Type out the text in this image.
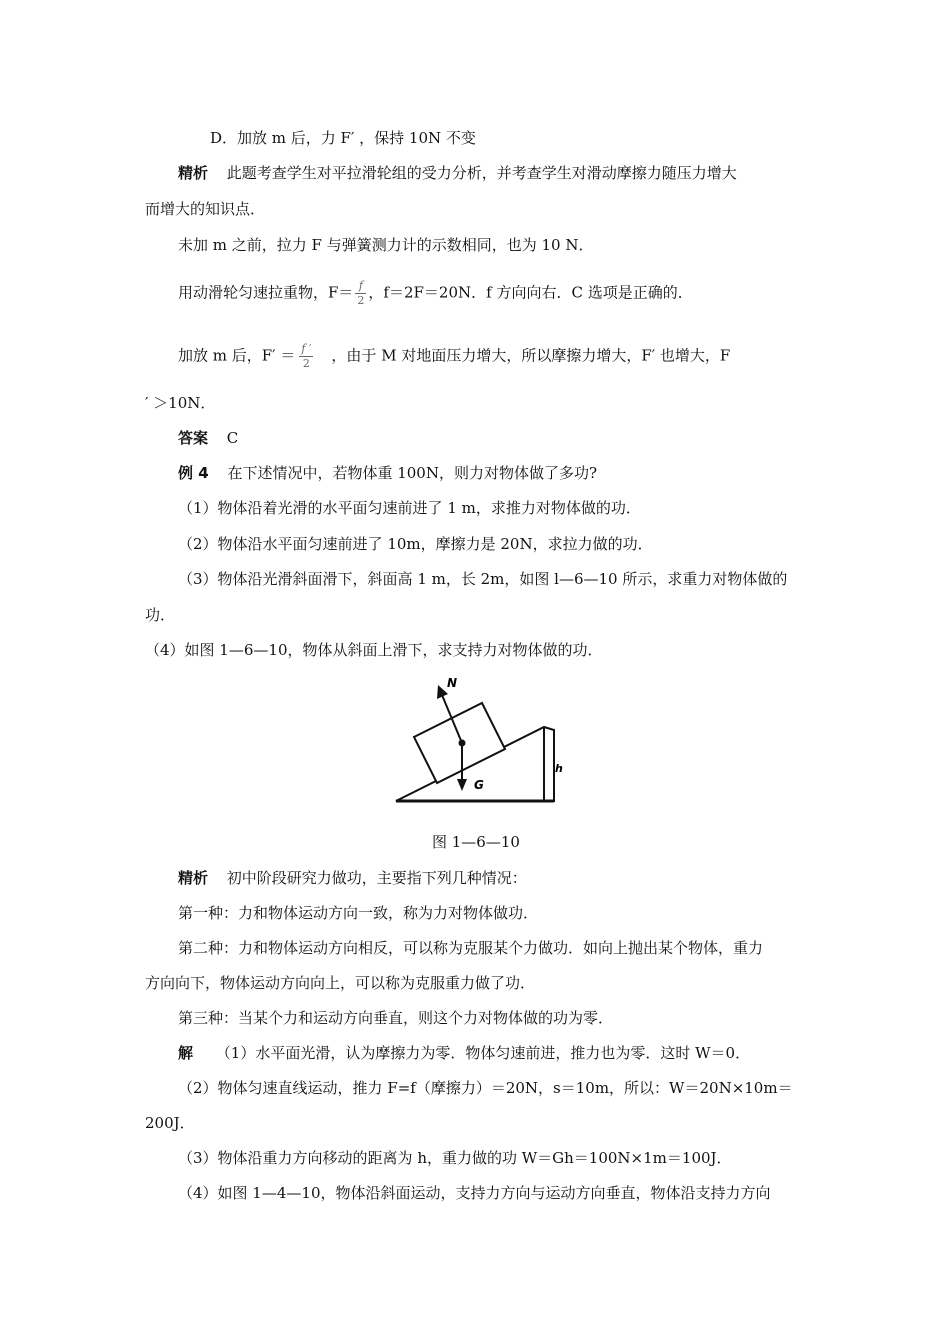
D．加放 m 后，力 F′ ，保持 10N 不变
精析 此题考查学生对平拉滑轮组的受力分析，并考查学生对滑动摩擦力随压力增大
而增大的知识点．
未加 m 之前，拉力 F 与弹簧测力计的示数相同，也为 10 N．
用动滑轮匀速拉重物，$F= \frac{f}{2}$ ，f＝2F＝20N．f 方向向右．C 选项是正确的．
加放 m 后，$F' = \frac{f '}{2}$ ，由于 M 对地面压力增大，所以摩擦力增大，F′ 也增大，F
′ ＞10N．
答案 C
例 4 在下述情况中，若物体重 100N，则力对物体做了多功?
（1）物体沿着光滑的水平面匀速前进了 1 m，求推力对物体做的功．
（2）物体沿水平面匀速前进了 10m，摩擦力是 20N，求拉力做的功．
（3）物体沿光滑斜面滑下，斜面高 1 m，长 2m，如图 l—6—10 所示，求重力对物体做的
功．
（4）如图 1—6—10，物体从斜面上滑下，求支持力对物体做的功．
N
G
h
图 1—6—10
精析 初中阶段研究力做功，主要指下列几种情况：
第一种：力和物体运动方向一致，称为力对物体做功．
第二种：力和物体运动方向相反，可以称为克服某个力做功．如向上抛出某个物体，重力
方向向下，物体运动方向向上，可以称为克服重力做了功．
第三种：当某个力和运动方向垂直，则这个力对物体做的功为零．
解 （1）水平面光滑，认为摩擦力为零．物体匀速前进，推力也为零．这时 W＝0．
（2）物体匀速直线运动，推力 F=f（摩擦力）＝20N，s＝10m，所以：W＝20N×10m＝
200J．
（3）物体沿重力方向移动的距离为 h，重力做的功 W＝Gh＝100N×1m＝100J．
（4）如图 1—4—10，物体沿斜面运动，支持力方向与运动方向垂直，物体沿支持力方向
